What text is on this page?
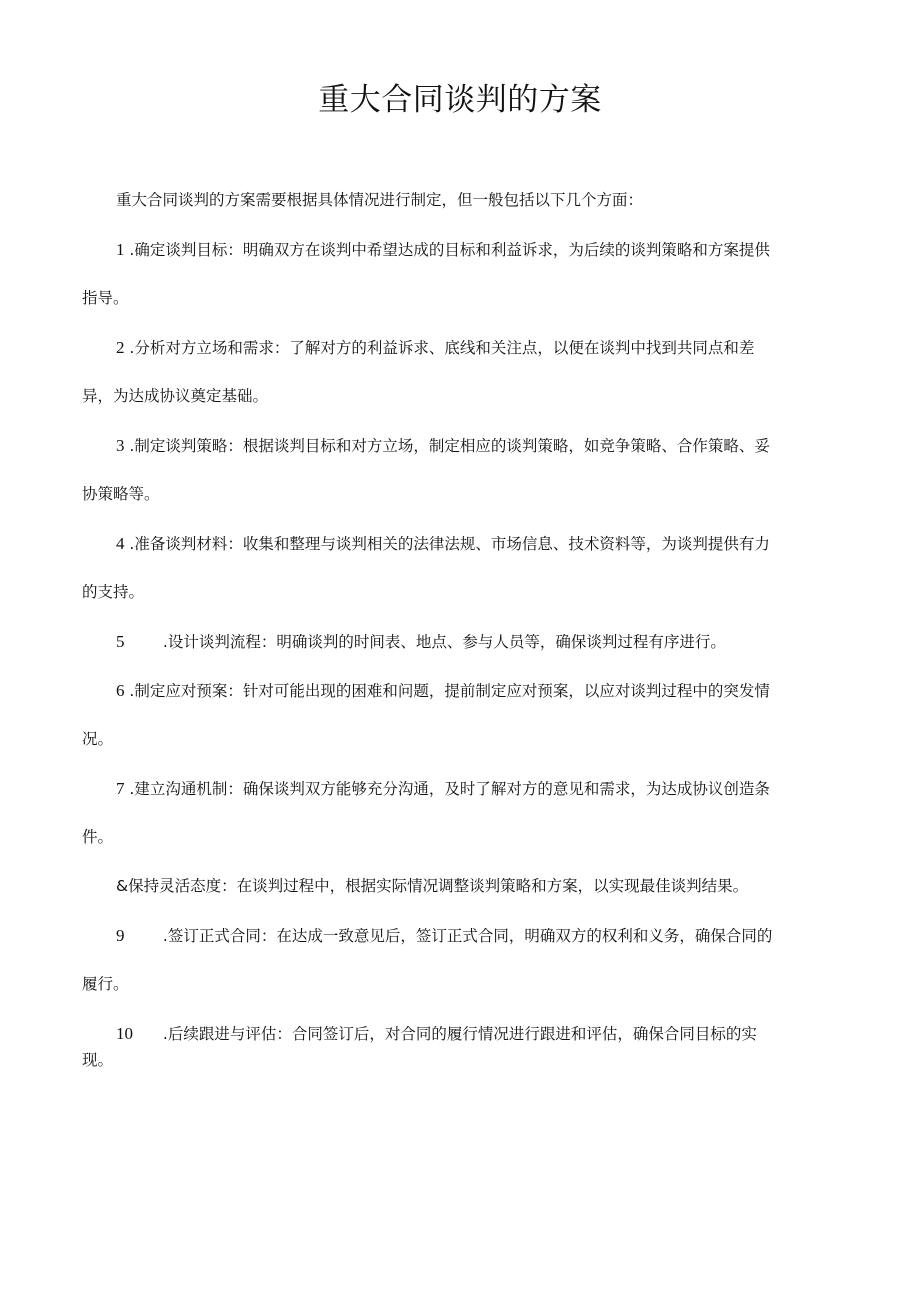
重大合同谈判的方案

重大合同谈判的方案需要根据具体情况进行制定，但一般包括以下几个方面：

1 .确定谈判目标：明确双方在谈判中希望达成的目标和利益诉求，为后续的谈判策略和方案提供

指导。

2 .分析对方立场和需求：了解对方的利益诉求、底线和关注点，以便在谈判中找到共同点和差

异，为达成协议奠定基础。

3 .制定谈判策略：根据谈判目标和对方立场，制定相应的谈判策略，如竞争策略、合作策略、妥

协策略等。

4 .准备谈判材料：收集和整理与谈判相关的法律法规、市场信息、技术资料等，为谈判提供有力

的支持。

5 .设计谈判流程：明确谈判的时间表、地点、参与人员等，确保谈判过程有序进行。

6 .制定应对预案：针对可能出现的困难和问题，提前制定应对预案，以应对谈判过程中的突发情

况。

7 .建立沟通机制：确保谈判双方能够充分沟通，及时了解对方的意见和需求，为达成协议创造条

件。

&保持灵活态度：在谈判过程中，根据实际情况调整谈判策略和方案，以实现最佳谈判结果。

9 .签订正式合同：在达成一致意见后，签订正式合同，明确双方的权利和义务，确保合同的

履行。

10 .后续跟进与评估：合同签订后，对合同的履行情况进行跟进和评估，确保合同目标的实

现。
